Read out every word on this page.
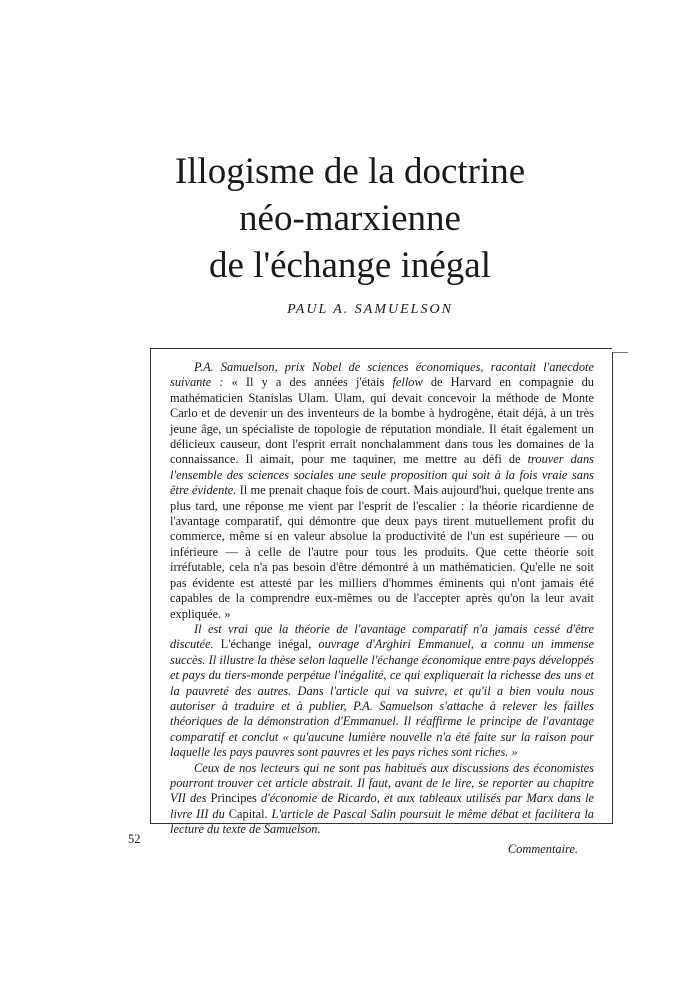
Illogisme de la doctrine
néo-marxienne
de l'échange inégal
PAUL A. SAMUELSON

P.A. Samuelson, prix Nobel de sciences économiques, racontait l'anecdote suivante : « Il y a des années j'étais fellow de Harvard en compagnie du mathématicien Stanislas Ulam. Ulam, qui devait concevoir la méthode de Monte Carlo et de devenir un des inventeurs de la bombe à hydrogène, était déjà, à un très jeune âge, un spécialiste de topologie de réputation mondiale. Il était également un délicieux causeur, dont l'esprit errait nonchalamment dans tous les domaines de la connaissance. Il aimait, pour me taquiner, me mettre au défi de trouver dans l'ensemble des sciences sociales une seule proposition qui soit à la fois vraie sans être évidente. Il me prenait chaque fois de court. Mais aujourd'hui, quelque trente ans plus tard, une réponse me vient par l'esprit de l'escalier : la théorie ricardienne de l'avantage comparatif, qui démontre que deux pays tirent mutuellement profit du commerce, même si en valeur absolue la productivité de l'un est supérieure — ou inférieure — à celle de l'autre pour tous les produits. Que cette théorie soit irréfutable, cela n'a pas besoin d'être démontré à un mathématicien. Qu'elle ne soit pas évidente est attesté par les milliers d'hommes éminents qui n'ont jamais été capables de la comprendre eux-mêmes ou de l'accepter après qu'on la leur avait expliquée. »

Il est vrai que la théorie de l'avantage comparatif n'a jamais cessé d'être discutée. L'échange inégal, ouvrage d'Arghiri Emmanuel, a connu un immense succès. Il illustre la thèse selon laquelle l'échange économique entre pays développés et pays du tiers-monde perpétue l'inégalité, ce qui expliquerait la richesse des uns et la pauvreté des autres. Dans l'article qui va suivre, et qu'il a bien voulu nous autoriser à traduire et à publier, P.A. Samuelson s'attache à relever les failles théoriques de la démonstration d'Emmanuel. Il réaffirme le principe de l'avantage comparatif et conclut « qu'aucune lumière nouvelle n'a été faite sur la raison pour laquelle les pays pauvres sont pauvres et les pays riches sont riches. »

Ceux de nos lecteurs qui ne sont pas habitués aux discussions des économistes pourront trouver cet article abstrait. Il faut, avant de le lire, se reporter au chapitre VII des Principes d'économie de Ricardo, et aux tableaux utilisés par Marx dans le livre III du Capital. L'article de Pascal Salin poursuit le même débat et facilitera la lecture du texte de Samuelson.

Commentaire.
52
